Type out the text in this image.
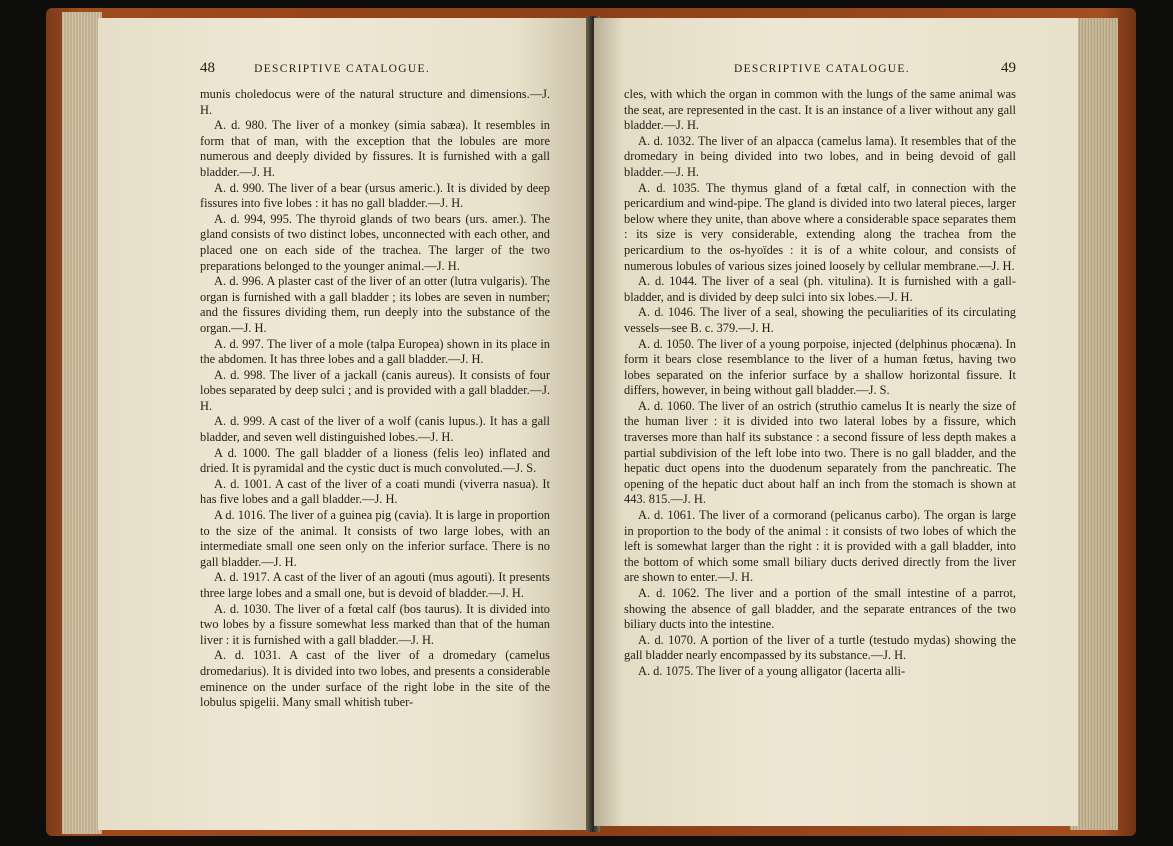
48	DESCRIPTIVE CATALOGUE.

munis choledocus were of the natural structure and dimensions.—J. H.

A. d. 980. The liver of a monkey (simia sabæa). It resembles in form that of man, with the exception that the lobules are more numerous and deeply divided by fissures. It is furnished with a gall bladder.—J. H.

A. d. 990. The liver of a bear (ursus americ.). It is divided by deep fissures into five lobes : it has no gall bladder.—J. H.

A. d. 994, 995. The thyroid glands of two bears (urs. amer.). The gland consists of two distinct lobes, unconnected with each other, and placed one on each side of the trachea. The larger of the two preparations belonged to the younger animal.—J. H.

A. d. 996. A plaster cast of the liver of an otter (lutra vulgaris). The organ is furnished with a gall bladder ; its lobes are seven in number; and the fissures dividing them, run deeply into the substance of the organ.—J. H.

A. d. 997. The liver of a mole (talpa Europea) shown in its place in the abdomen. It has three lobes and a gall bladder.—J. H.

A. d. 998. The liver of a jackall (canis aureus). It consists of four lobes separated by deep sulci ; and is provided with a gall bladder.—J. H.

A. d. 999. A cast of the liver of a wolf (canis lupus.). It has a gall bladder, and seven well distinguished lobes.—J. H.

A d. 1000. The gall bladder of a lioness (felis leo) inflated and dried. It is pyramidal and the cystic duct is much convoluted.—J. S.

A. d. 1001. A cast of the liver of a coati mundi (viverra nasua). It has five lobes and a gall bladder.—J. H.

A d. 1016. The liver of a guinea pig (cavia). It is large in proportion to the size of the animal. It consists of two large lobes, with an intermediate small one seen only on the inferior surface. There is no gall bladder.—J. H.

A. d. 1917. A cast of the liver of an agouti (mus agouti). It presents three large lobes and a small one, but is devoid of bladder.—J. H.

A. d. 1030. The liver of a fœtal calf (bos taurus). It is divided into two lobes by a fissure somewhat less marked than that of the human liver : it is furnished with a gall bladder.—J. H.

A. d. 1031. A cast of the liver of a dromedary (camelus dromedarius). It is divided into two lobes, and presents a considerable eminence on the under surface of the right lobe in the site of the lobulus spigelii. Many small whitish tuber-

DESCRIPTIVE CATALOGUE.	49

cles, with which the organ in common with the lungs of the same animal was the seat, are represented in the cast. It is an instance of a liver without any gall bladder.—J. H.

A. d. 1032. The liver of an alpacca (camelus lama). It resembles that of the dromedary in being divided into two lobes, and in being devoid of gall bladder.—J. H.

A. d. 1035. The thymus gland of a fœtal calf, in connection with the pericardium and wind-pipe. The gland is divided into two lateral pieces, larger below where they unite, than above where a considerable space separates them : its size is very considerable, extending along the trachea from the pericardium to the os-hyoïdes : it is of a white colour, and consists of numerous lobules of various sizes joined loosely by cellular membrane.—J. H.

A. d. 1044. The liver of a seal (ph. vitulina). It is furnished with a gall-bladder, and is divided by deep sulci into six lobes.—J. H.

A. d. 1046. The liver of a seal, showing the peculiarities of its circulating vessels—see B. c. 379.—J. H.

A. d. 1050. The liver of a young porpoise, injected (delphinus phocæna). In form it bears close resemblance to the liver of a human fœtus, having two lobes separated on the inferior surface by a shallow horizontal fissure. It differs, however, in being without gall bladder.—J. S.

A. d. 1060. The liver of an ostrich (struthio camelus It is nearly the size of the human liver : it is divided into two lateral lobes by a fissure, which traverses more than half its substance : a second fissure of less depth makes a partial subdivision of the left lobe into two. There is no gall bladder, and the hepatic duct opens into the duodenum separately from the panchreatic. The opening of the hepatic duct about half an inch from the stomach is shown at 443. 815.—J. H.

A. d. 1061. The liver of a cormorand (pelicanus carbo). The organ is large in proportion to the body of the animal : it consists of two lobes of which the left is somewhat larger than the right : it is provided with a gall bladder, into the bottom of which some small biliary ducts derived directly from the liver are shown to enter.—J. H.

A. d. 1062. The liver and a portion of the small intestine of a parrot, showing the absence of gall bladder, and the separate entrances of the two biliary ducts into the intestine.

A. d. 1070. A portion of the liver of a turtle (testudo mydas) showing the gall bladder nearly encompassed by its substance.—J. H.

A. d. 1075. The liver of a young alligator (lacerta alli-
